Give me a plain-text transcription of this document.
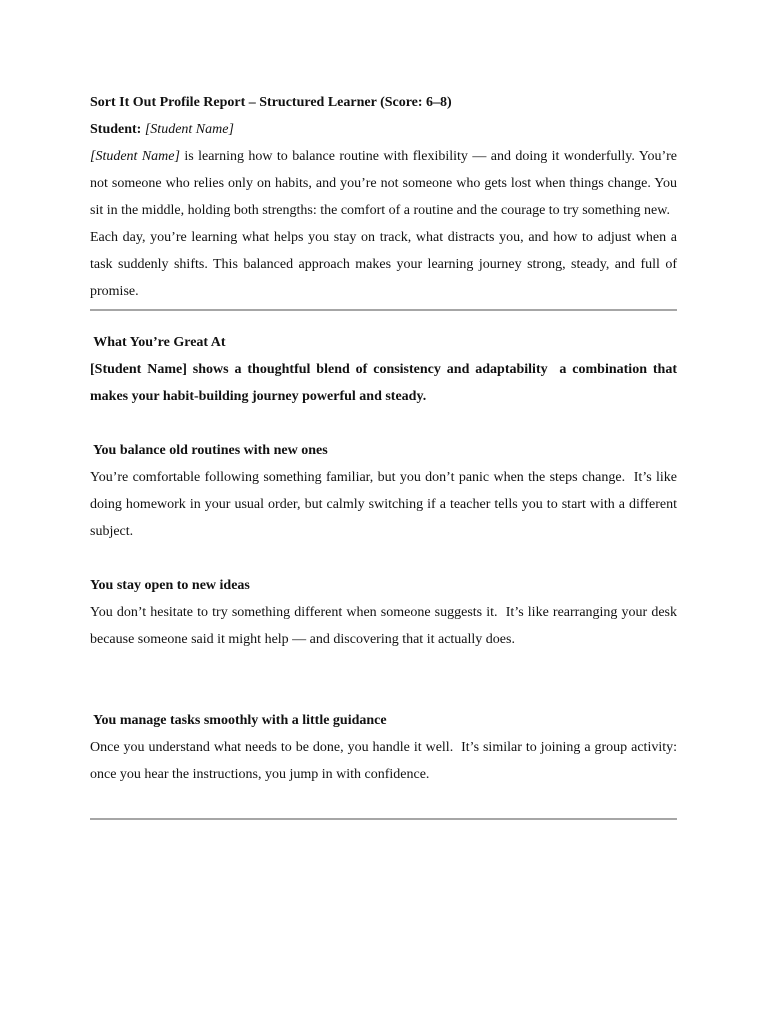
Sort It Out Profile Report – Structured Learner (Score: 6–8)

Student: [Student Name]

[Student Name] is learning how to balance routine with flexibility — and doing it wonderfully. You’re not someone who relies only on habits, and you’re not someone who gets lost when things change. You sit in the middle, holding both strengths: the comfort of a routine and the courage to try something new.

Each day, you’re learning what helps you stay on track, what distracts you, and how to adjust when a task suddenly shifts. This balanced approach makes your learning journey strong, steady, and full of promise.

What You’re Great At

[Student Name] shows a thoughtful blend of consistency and adaptability  a combination that makes your habit-building journey powerful and steady.

You balance old routines with new ones

You’re comfortable following something familiar, but you don’t panic when the steps change.  It’s like doing homework in your usual order, but calmly switching if a teacher tells you to start with a different subject.

You stay open to new ideas

You don’t hesitate to try something different when someone suggests it.  It’s like rearranging your desk because someone said it might help — and discovering that it actually does.

You manage tasks smoothly with a little guidance

Once you understand what needs to be done, you handle it well.  It’s similar to joining a group activity: once you hear the instructions, you jump in with confidence.
